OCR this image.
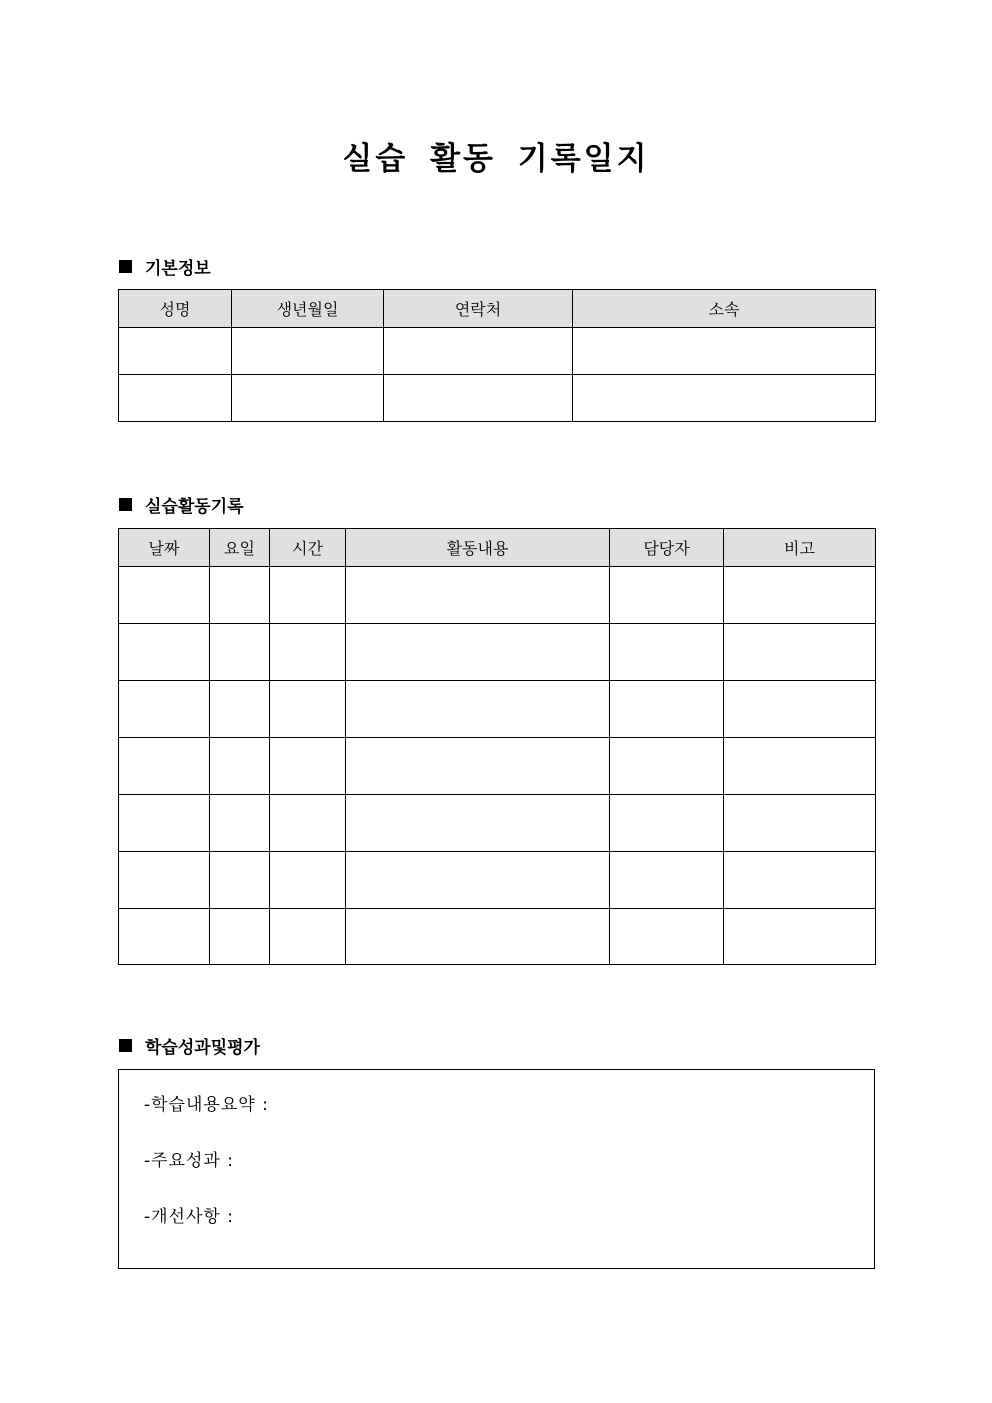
실습 활동 기록일지
기본정보
성명	생년월일	연락처	소속

실습활동기록
날짜	요일	시간	활동내용	담당자	비고

학습성과및평가
-학습내용요약 :
-주요성과 :
-개선사항 :
